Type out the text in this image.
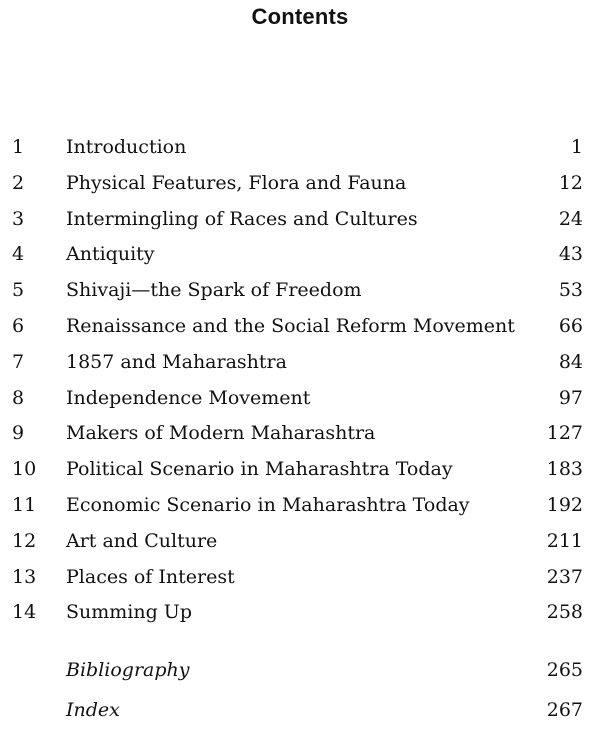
Contents
1 Introduction	1
2 Physical Features, Flora and Fauna	12
3 Intermingling of Races and Cultures	24
4 Antiquity	43
5 Shivaji—the Spark of Freedom	53
6 Renaissance and the Social Reform Movement 66
7 1857 and Maharashtra	84
8 Independence Movement	97
9 Makers of Modern Maharashtra	127
10 Political Scenario in Maharashtra Today	183
11 Economic Scenario in Maharashtra Today	192
12 Art and Culture	211
13 Places of Interest	237
14 Summing Up	258
Bibliography	265
Index	267
